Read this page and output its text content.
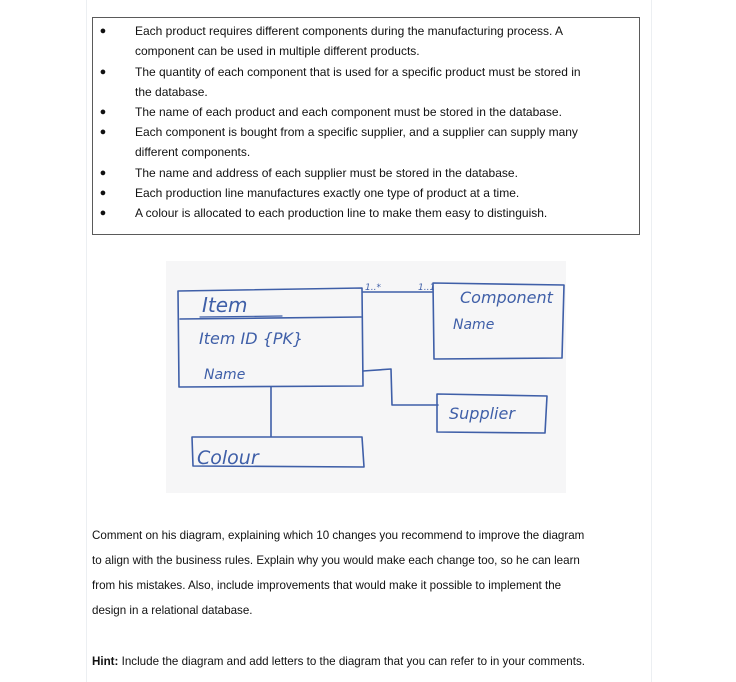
● Each product requires different components during the manufacturing process. A
component can be used in multiple different products.
● The quantity of each component that is used for a specific product must be stored in
the database.
● The name of each product and each component must be stored in the database.
● Each component is bought from a specific supplier, and a supplier can supply many
different components.
● The name and address of each supplier must be stored in the database.
● Each production line manufactures exactly one type of product at a time.
● A colour is allocated to each production line to make them easy to distinguish.
Item
Item ID {PK}
Name
1..*	1..1 Component
Name
Supplier
Colour
Comment on his diagram, explaining which 10 changes you recommend to improve the diagram
to align with the business rules. Explain why you would make each change too, so he can learn
from his mistakes. Also, include improvements that would make it possible to implement the
design in a relational database.
Hint: Include the diagram and add letters to the diagram that you can refer to in your comments.
